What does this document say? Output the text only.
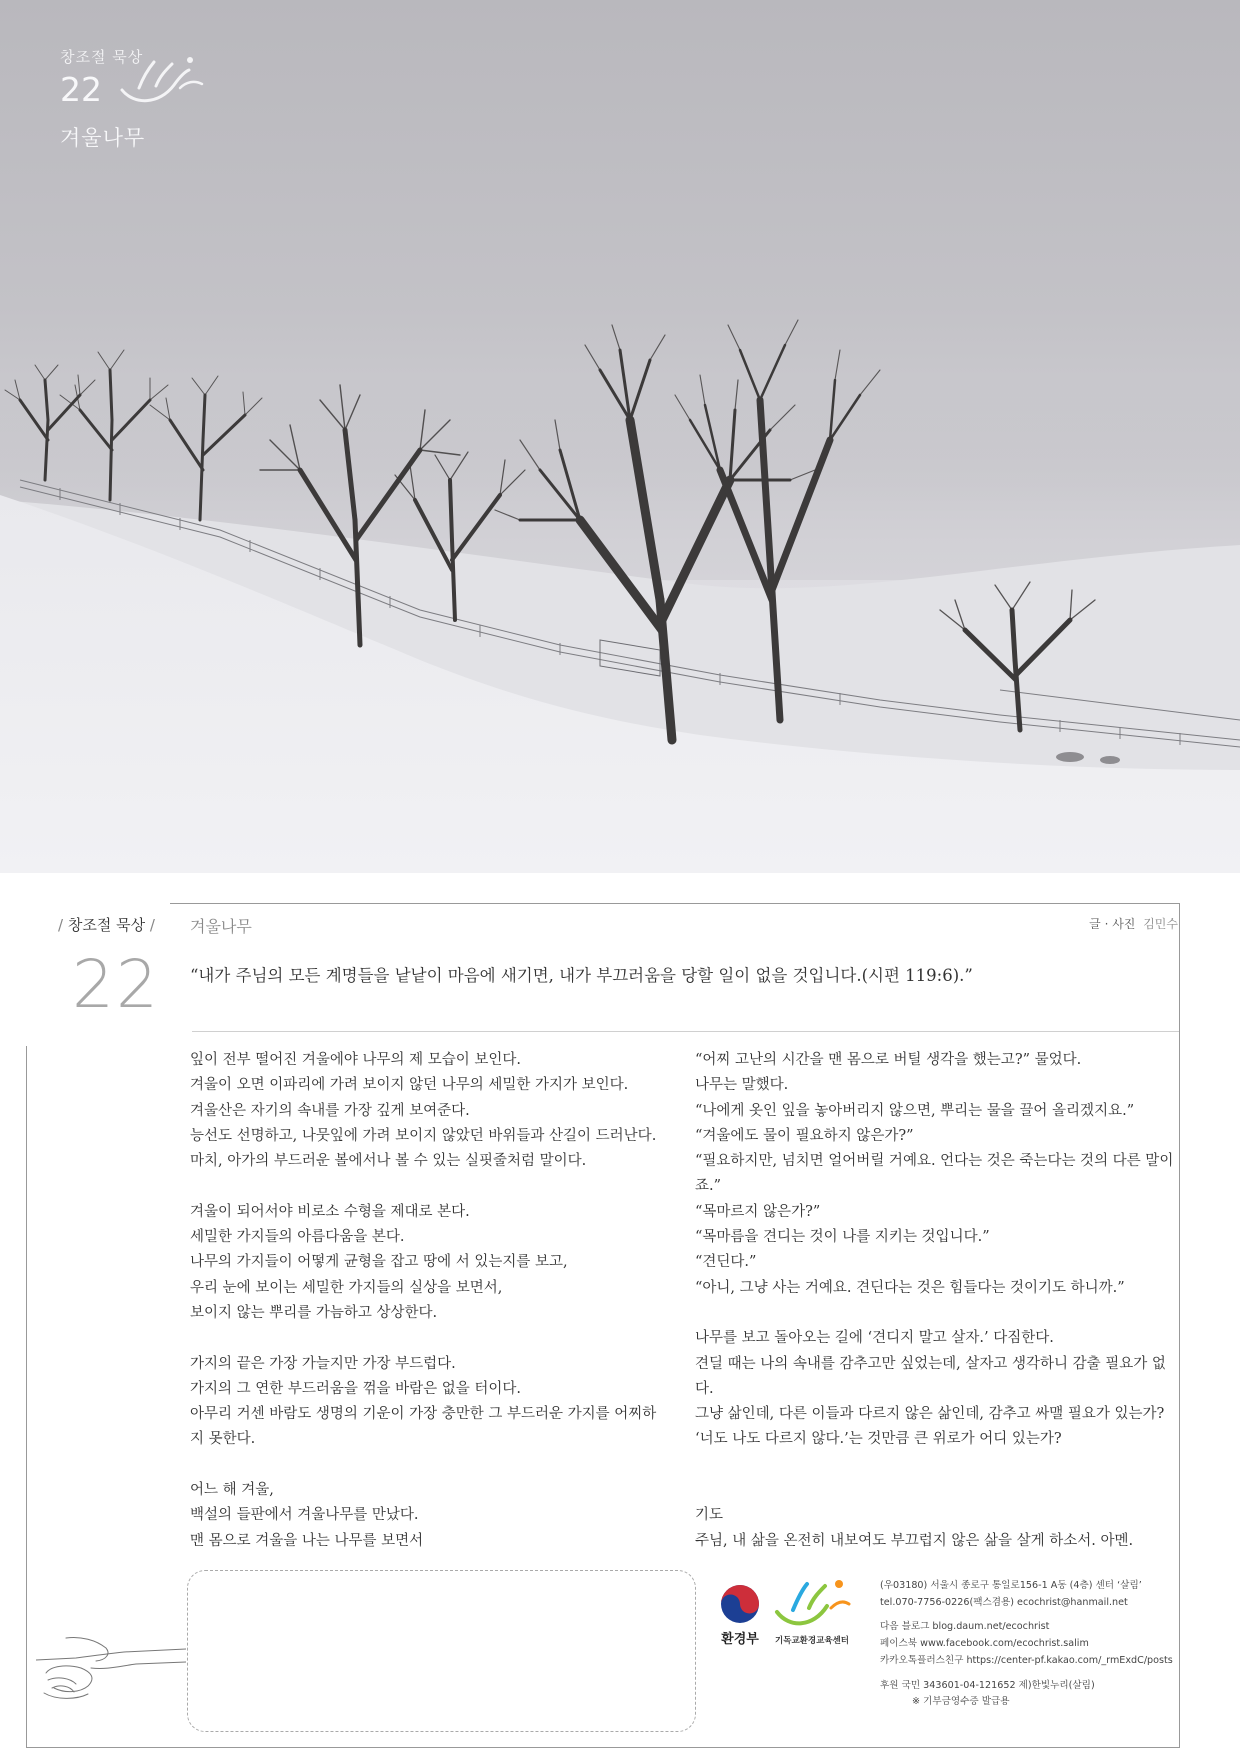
창조절 묵상
22
겨울나무
/ 창조절 묵상 / 겨울나무	글 · 사진 김민수
22 “내가 주님의 모든 계명들을 낱낱이 마음에 새기면, 내가 부끄러움을 당할 일이 없을 것입니다.(시편 119:6).”

잎이 전부 떨어진 겨울에야 나무의 제 모습이 보인다.

겨울이 오면 이파리에 가려 보이지 않던 나무의 세밀한 가지가 보인다.

겨울산은 자기의 속내를 가장 깊게 보여준다.

능선도 선명하고, 나뭇잎에 가려 보이지 않았던 바위들과 산길이 드러난다.

마치, 아가의 부드러운 볼에서나 볼 수 있는 실핏줄처럼 말이다.

겨울이 되어서야 비로소 수형을 제대로 본다.

세밀한 가지들의 아름다움을 본다.

나무의 가지들이 어떻게 균형을 잡고 땅에 서 있는지를 보고,

우리 눈에 보이는 세밀한 가지들의 실상을 보면서,

보이지 않는 뿌리를 가늠하고 상상한다.

가지의 끝은 가장 가늘지만 가장 부드럽다.

가지의 그 연한 부드러움을 꺾을 바람은 없을 터이다.

아무리 거센 바람도 생명의 기운이 가장 충만한 그 부드러운 가지를 어찌하

지 못한다.

어느 해 겨울,

백설의 들판에서 겨울나무를 만났다.

맨 몸으로 겨울을 나는 나무를 보면서

“어찌 고난의 시간을 맨 몸으로 버틸 생각을 했는고?” 물었다.

나무는 말했다.

“나에게 옷인 잎을 놓아버리지 않으면, 뿌리는 물을 끌어 올리겠지요.”

“겨울에도 물이 필요하지 않은가?”

“필요하지만, 넘치면 얼어버릴 거예요. 언다는 것은 죽는다는 것의 다른 말이

죠.”

“목마르지 않은가?”

“목마름을 견디는 것이 나를 지키는 것입니다.”

“견딘다.”

“아니, 그냥 사는 거예요. 견딘다는 것은 힘들다는 것이기도 하니까.”

나무를 보고 돌아오는 길에 ‘견디지 말고 살자.’ 다짐한다.

견딜 때는 나의 속내를 감추고만 싶었는데, 살자고 생각하니 감출 필요가 없다.

그냥 삶인데, 다른 이들과 다르지 않은 삶인데, 감추고 싸맬 필요가 있는가?

‘너도 나도 다르지 않다.’는 것만큼 큰 위로가 어디 있는가?

기도

주님, 내 삶을 온전히 내보여도 부끄럽지 않은 삶을 살게 하소서. 아멘.

환경부	기독교환경교육센터
(우03180) 서울시 종로구 통일로156-1 A동 (4층) 센터 ‘살림’
tel.070-7756-0226(팩스겸용) ecochrist@hanmail.net
다음 블로그 blog.daum.net/ecochrist
페이스북 www.facebook.com/ecochrist.salim
카카오톡플러스친구 https://center-pf.kakao.com/_rmExdC/posts
후원 국민 343601-04-121652 제)한빛누리(살림)
※ 기부금영수증 발급용
